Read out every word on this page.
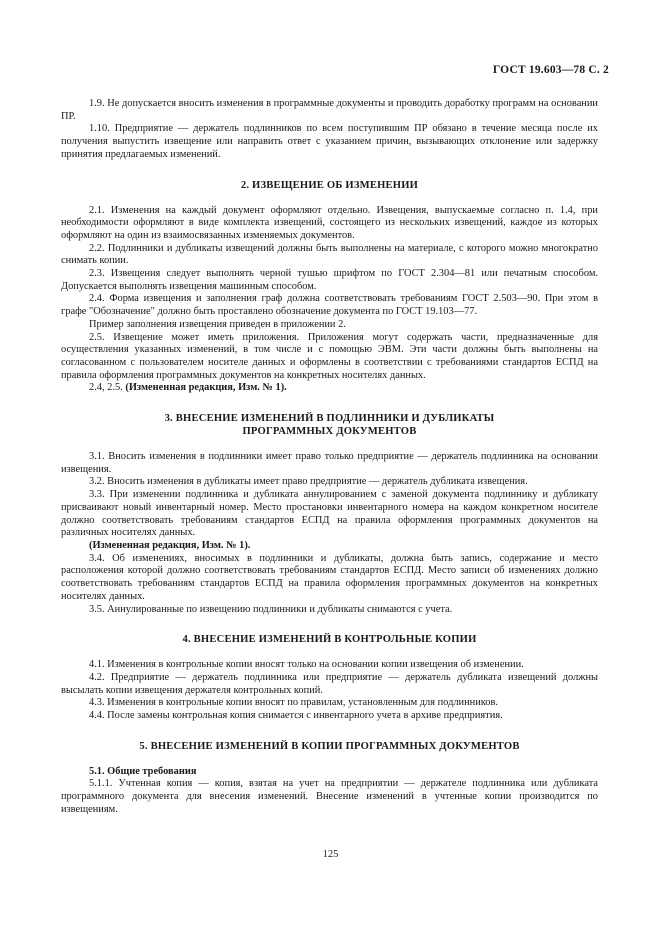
ГОСТ 19.603—78 С. 2

1.9. Не допускается вносить изменения в программные документы и проводить доработку программ на основании ПР.

1.10. Предприятие — держатель подлинников по всем поступившим ПР обязано в течение месяца после их получения выпустить извещение или направить ответ с указанием причин, вызывающих отклонение или задержку принятия предлагаемых изменений.

2. ИЗВЕЩЕНИЕ ОБ ИЗМЕНЕНИИ

2.1. Изменения на каждый документ оформляют отдельно. Извещения, выпускаемые согласно п. 1.4, при необходимости оформляют в виде комплекта извещений, состоящего из нескольких извещений, каждое из которых оформляют на один из взаимосвязанных изменяемых документов.

2.2. Подлинники и дубликаты извещений должны быть выполнены на материале, с которого можно многократно снимать копии.

2.3. Извещения следует выполнять черной тушью шрифтом по ГОСТ 2.304—81 или печатным способом. Допускается выполнять извещения машинным способом.

2.4. Форма извещения и заполнения граф должна соответствовать требованиям ГОСТ 2.503—90. При этом в графе "Обозначение" должно быть проставлено обозначение документа по ГОСТ 19.103—77.

Пример заполнения извещения приведен в приложении 2.

2.5. Извещение может иметь приложения. Приложения могут содержать части, предназначенные для осуществления указанных изменений, в том числе и с помощью ЭВМ. Эти части должны быть выполнены на согласованном с пользователем носителе данных и оформлены в соответствии с требованиями стандартов ЕСПД на правила оформления программных документов на конкретных носителях данных.

2.4, 2.5. (Измененная редакция, Изм. № 1).

3. ВНЕСЕНИЕ ИЗМЕНЕНИЙ В ПОДЛИННИКИ И ДУБЛИКАТЫ
ПРОГРАММНЫХ ДОКУМЕНТОВ

3.1. Вносить изменения в подлинники имеет право только предприятие — держатель подлинника на основании извещения.

3.2. Вносить изменения в дубликаты имеет право предприятие — держатель дубликата извещения.

3.3. При изменении подлинника и дубликата аннулированием с заменой документа подлиннику и дубликату присваивают новый инвентарный номер. Место простановки инвентарного номера на каждом конкретном носителе должно соответствовать требованиям стандартов ЕСПД на правила оформления программных документов на различных носителях данных.

(Измененная редакция, Изм. № 1).

3.4. Об изменениях, вносимых в подлинники и дубликаты, должна быть запись, содержание и место расположения которой должно соответствовать требованиям стандартов ЕСПД. Место записи об изменениях должно соответствовать требованиям стандартов ЕСПД на правила оформления программных документов на конкретных носителях данных.

3.5. Аннулированные по извещению подлинники и дубликаты снимаются с учета.

4. ВНЕСЕНИЕ ИЗМЕНЕНИЙ В КОНТРОЛЬНЫЕ КОПИИ

4.1. Изменения в контрольные копии вносят только на основании копии извещения об изменении.

4.2. Предприятие — держатель подлинника или предприятие — держатель дубликата извещений должны высылать копии извещения держателя контрольных копий.

4.3. Изменения в контрольные копии вносят по правилам, установленным для подлинников.

4.4. После замены контрольная копия снимается с инвентарного учета в архиве предприятия.

5. ВНЕСЕНИЕ ИЗМЕНЕНИЙ В КОПИИ ПРОГРАММНЫХ ДОКУМЕНТОВ

5.1. Общие требования

5.1.1. Учтенная копия — копия, взятая на учет на предприятии — держателе подлинника или дубликата программного документа для внесения изменений. Внесение изменений в учтенные копии производится по извещениям.

125
